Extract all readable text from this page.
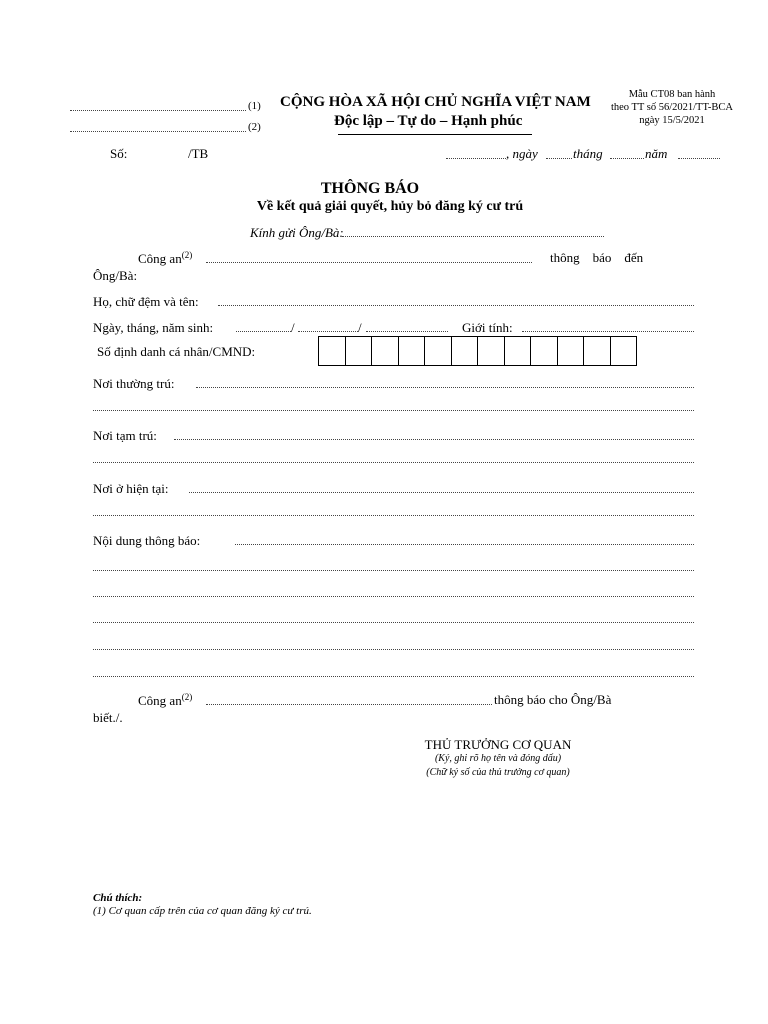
(1)
(2)
CỘNG HÒA XÃ HỘI CHỦ NGHĨA VIỆT NAM
Độc lập – Tự do – Hạnh phúc
Mẫu CT08 ban hành
theo TT số 56/2021/TT-BCA
ngày 15/5/2021
Số:	/TB	, ngày	tháng	năm
THÔNG BÁO
Về kết quả giải quyết, hủy bỏ đăng ký cư trú
Kính gửi Ông/Bà:
Công $an^{(2)}$	thông    báo    đến
Ông/Bà:
Họ, chữ đệm và tên:
Ngày, tháng, năm sinh:	/	/	Giới tính:
Số định danh cá nhân/CMND:
Nơi thường trú:
Nơi tạm trú:
Nơi ở hiện tại:
Nội dung thông báo:
Công $an^{(2)}$	thông báo cho Ông/Bà
biết./.
THỦ TRƯỞNG CƠ QUAN
(Ký, ghi rõ họ tên và đóng dấu)
(Chữ ký số của thủ trưởng cơ quan)
Chú thích:
(1) Cơ quan cấp trên của cơ quan đăng ký cư trú.
